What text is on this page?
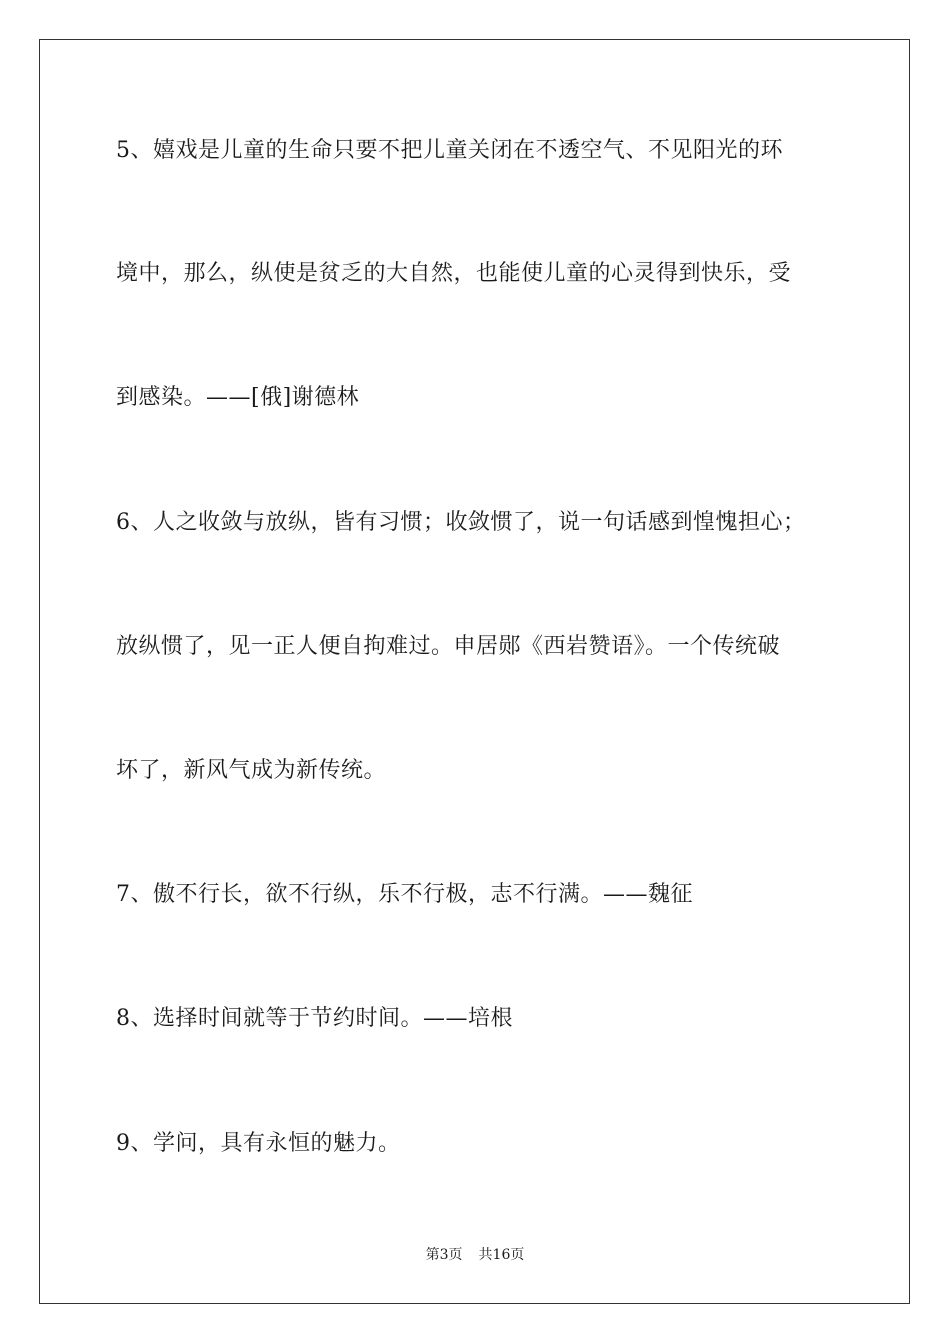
5、嬉戏是儿童的生命只要不把儿童关闭在不透空气、不见阳光的环
境中，那么，纵使是贫乏的大自然，也能使儿童的心灵得到快乐，受
到感染。——[俄]谢德林
6、人之收敛与放纵，皆有习惯；收敛惯了，说一句话感到惶愧担心；
放纵惯了，见一正人便自拘难过。申居郧《西岩赞语》。一个传统破
坏了，新风气成为新传统。
7、傲不行长，欲不行纵，乐不行极，志不行满。——魏征
8、选择时间就等于节约时间。——培根
9、学问，具有永恒的魅力。
第3页 共16页
